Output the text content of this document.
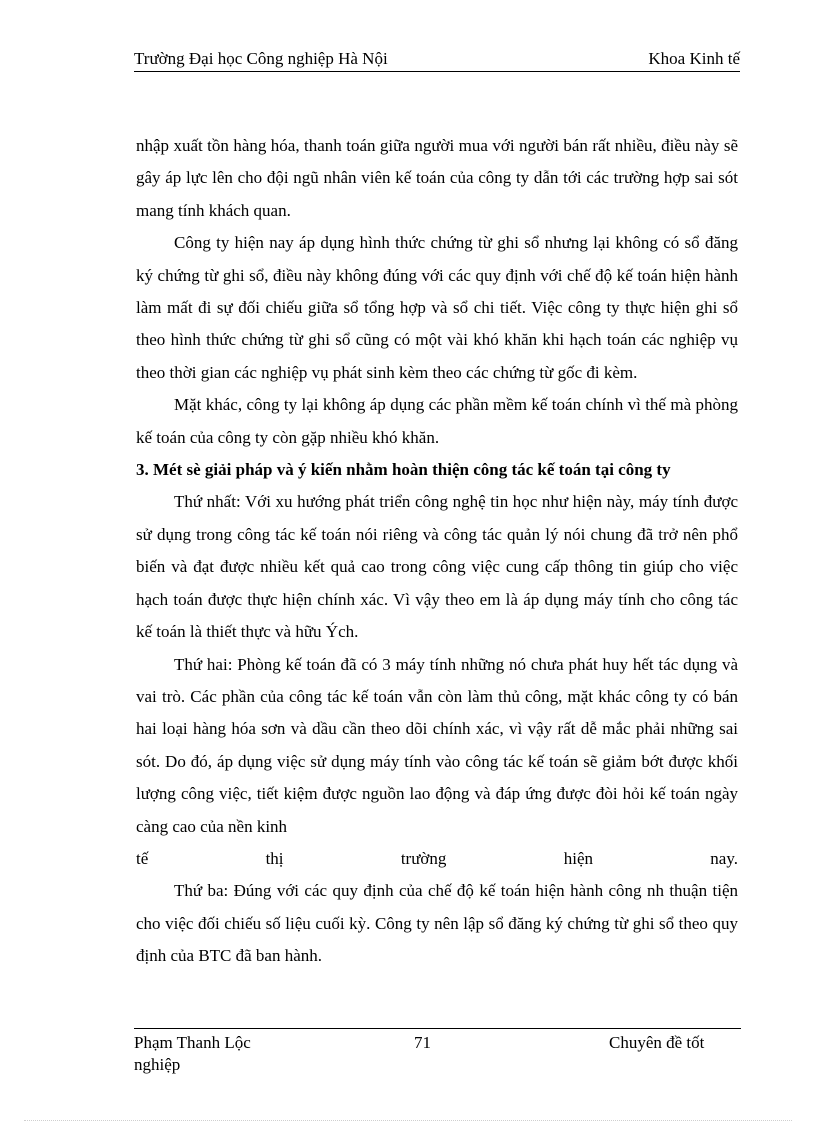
Trường Đại học Công nghiệp Hà Nội	Khoa Kinh tế

nhập xuất tồn hàng hóa, thanh toán giữa người mua với người bán rất nhiều, điều này sẽ gây áp lực lên cho đội ngũ nhân viên kế toán của công ty dẫn tới các trường hợp sai sót mang tính khách quan.

Công ty hiện nay áp dụng hình thức chứng từ ghi sổ nhưng lại không có sổ đăng ký chứng từ ghi sổ, điều này không đúng với các quy định với chế độ kế toán hiện hành làm mất đi sự đối chiếu giữa sổ tổng hợp và sổ chi tiết. Việc công ty thực hiện ghi sổ theo hình thức chứng từ ghi sổ cũng có một vài khó khăn khi hạch toán các nghiệp vụ theo thời gian các nghiệp vụ phát sinh kèm theo các chứng từ gốc đi kèm.

Mặt khác, công ty lại không áp dụng các phần mềm kế toán chính vì thế mà phòng kế toán của công ty còn gặp nhiều khó khăn.

3. Mét sè giải pháp và ý kiến nhằm hoàn thiện công tác kế toán tại công ty

Thứ nhất: Với xu hướng phát triển công nghệ tin học như hiện này, máy tính được sử dụng trong công tác kế toán nói riêng và công tác quản lý nói chung đã trở nên phổ biến và đạt được nhiều kết quả cao trong công việc cung cấp thông tin giúp cho việc hạch toán được thực hiện chính xác. Vì vậy theo em là áp dụng máy tính cho công tác kế toán là thiết thực và hữu Ých.

Thứ hai: Phòng kế toán đã có 3 máy tính những nó chưa phát huy hết tác dụng và vai trò. Các phần của công tác kế toán vẫn còn làm thủ công, mặt khác công ty có bán hai loại hàng hóa sơn và dầu cần theo dõi chính xác, vì vậy rất dễ mắc phải những sai sót. Do đó, áp dụng việc sử dụng máy tính vào công tác kế toán sẽ giảm bớt được khối lượng công việc, tiết kiệm được nguồn lao động và đáp ứng được đòi hỏi kế toán ngày càng cao của nền kinh

tế thị trường hiện nay.

Thứ ba: Đúng với các quy định của chế độ kế toán hiện hành công nh thuận tiện cho việc đối chiếu số liệu cuối kỳ. Công ty nên lập sổ đăng ký chứng từ ghi sổ theo quy định của BTC đã ban hành.

Phạm Thanh Lộc	71	Chuyên đề tốt
nghiệp
